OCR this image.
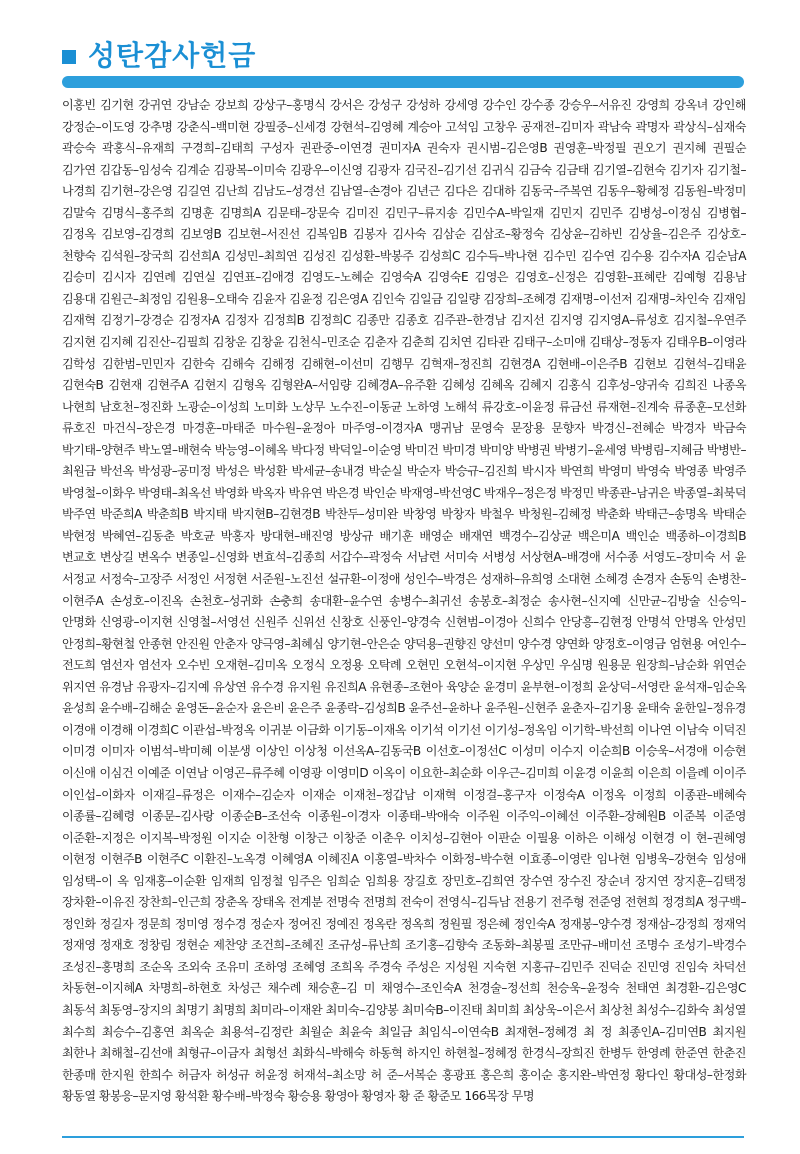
성탄감사헌금

이홍빈 김기현 강귀연 강남순 강보희 강상구–홍명식 강서은 강성구 강성하 강세영 강수인 강수종 강승우–서유진 강영희 강옥녀 강인해 강정순–이도영 강추명 강춘식–백미현 강필중–신세경 강현석–김영혜 계승아 고석임 고창우 공재전–김미자 곽남숙 곽명자 곽상식–심재숙 곽승숙 곽홍식–유재희 구경희–김태희 구성자 권관중–이연경 권미자A 권숙자 권시범–김은영B 권영훈–박정필 권오기 권지혜 권필순 김가연 김갑동–임성숙 김계순 김광복–이미숙 김광우–이신영 김광자 김국진–김기선 김귀식 김금숙 김금태 김기열–김현숙 김기자 김기철–나경희 김기현–강은영 김길연 김난희 김남도–성경선 김남열–손경아 김년근 김다은 김대하 김동국–주복연 김동우–황혜정 김동원–박정미 김말숙 김명식–홍주희 김명훈 김명희A 김문태–장문숙 김미진 김민구–류지송 김민수A–박일재 김민지 김민주 김병성–이정심 김병협–김정옥 김보영–김경희 김보영B 김보현–서진선 김복임B 김봉자 김사숙 김삼순 김삼조–황정숙 김상윤–김하빈 김상율–김은주 김상호–천향숙 김석원–장국희 김선희A 김성민–최희연 김성진 김성환–박봉주 김성희C 김수득–박나현 김수민 김수연 김수용 김수자A 김순남A 김승미 김시자 김연례 김연실 김연표–김애경 김영도–노혜순 김영숙A 김영숙E 김영은 김영호–신정은 김영환–표혜란 김예형 김용남 김용대 김원근–최정임 김원용–오태숙 김윤자 김윤정 김은영A 김인숙 김일금 김일량 김장희–조혜경 김재명–이선저 김재명–차인숙 김재임 김재혁 김정기–강경순 김정자A 김정자 김정희B 김정희C 김종만 김종호 김주관–한경남 김지선 김지영 김지영A–류성호 김지철–우연주 김지현 김지혜 김진산–김필희 김창운 김창윤 김천식–민조순 김춘자 김춘희 김치연 김타관 김태구–소미애 김태상–정동자 김태우B–이영라 김학성 김한범–민민자 김한숙 김해숙 김해정 김해현–이선미 김행무 김혁재–정진희 김현경A 김현배–이은주B 김현보 김현석–김태윤 김현숙B 김현재 김현주A 김현지 김형옥 김형완A–서임량 김혜경A–유주환 김혜성 김혜옥 김혜지 김홍식 김후성–양귀숙 김희진 나종옥 나현희 남호천–정진화 노광순–이성희 노미화 노상무 노수진–이동균 노하영 노해석 류강호–이윤정 류금선 류재현–진계숙 류종훈–모선화 류호진 마건식–장은경 마경훈–마태준 마수원–윤정아 마주영–이경자A 맹귀남 문영숙 문장용 문향자 박경신–전혜순 박경자 박금숙 박기태–양현주 박노열–배현숙 박능영–이혜옥 박다정 박덕일–이순영 박미건 박미경 박미양 박병권 박병기–윤세영 박병림–지혜금 박병반–최원금 박선옥 박성광–공미정 박성은 박성환 박세균–송내경 박순실 박순자 박승규–김진희 박시자 박연희 박영미 박영숙 박영종 박영주 박영철–이화우 박영태–최옥선 박영화 박옥자 박유연 박은경 박인순 박재영–박선영C 박재우–정은정 박정민 박종관–남귀은 박종열–최북덕 박주연 박준희A 박춘희B 박지태 박지현B–김현경B 박찬두–성미완 박창영 박창자 박철우 박청원–김혜정 박춘화 박태근–송명옥 박태순 박현정 박혜연–김동춘 박호균 박홍자 방대현–배진영 방상규 배기훈 배영순 배재연 백경수–김상균 백은미A 백인순 백종하–이경희B 변교호 변상길 변옥수 변종일–신영화 변효석–김종희 서갑수–곽정숙 서남련 서미숙 서병성 서상현A–배경애 서수종 서영도–장미숙 서 윤 서정교 서정숙–고장주 서정인 서정현 서준원–노진선 설규환–이정애 성인수–박경은 성재하–유희영 소대현 소혜경 손경자 손동익 손병찬–이현주A 손성호–이진옥 손천호–성귀화 손충희 송대환–윤수연 송병수–최귀선 송봉호–최정순 송사현–신지예 신만균–김방술 신승익–안명화 신영광–이지현 신영철–서영선 신원주 신위선 신창호 신풍인–양경숙 신현범–이경아 신희수 안당흥–김현정 안명석 안명옥 안성민 안정희–황현철 안종현 안진원 안춘자 양극영–최혜심 양기현–안은순 양덕용–권향진 양선미 양수경 양연화 양정호–이영금 엄현용 여인수–전도희 염선자 염선자 오수빈 오재현–김미옥 오정식 오정용 오탁례 오현민 오현석–이지현 우상민 우심명 원용문 원장희–남순화 위연순 위지연 유경남 유광자–김지예 유상연 유수경 유지원 유진희A 유현종–조현아 육양순 윤경미 윤부현–이정희 윤상덕–서영란 윤석재–임순옥 윤성희 윤수배–김해순 윤영돈–윤순자 윤은비 윤은주 윤종락–김성희B 윤주선–윤하나 윤주원–신현주 윤춘자–김기용 윤태숙 윤한일–정유경 이경애 이경해 이경희C 이관섭–박정옥 이귀분 이금화 이기동–이재옥 이기석 이기선 이기성–정옥임 이기학–박선희 이나연 이남숙 이덕진 이미경 이미자 이범석–박미혜 이분생 이상인 이상청 이선옥A–김동국B 이선호–이정선C 이성미 이수지 이순희B 이승욱–서경애 이승현 이신애 이심건 이예준 이연남 이영곤–류주혜 이영광 이영미D 이옥이 이요한–최순화 이우근–김미희 이윤경 이윤희 이은희 이을례 이이주 이인섭–이화자 이재길–류정은 이재수–김순자 이재순 이재천–정갑남 이재혁 이정걸–홍구자 이정숙A 이정옥 이정희 이종관–배혜숙 이종률–김혜령 이종문–김사랑 이종순B–조선숙 이종원–이경자 이종태–박애숙 이주원 이주익–이혜선 이주환–장혜원B 이준복 이준영 이준환–지정은 이지복–박정원 이지순 이찬형 이창근 이창준 이춘우 이치성–김현아 이판순 이필용 이하은 이해성 이현경 이 현–권혜영 이현정 이현주B 이현주C 이환진–노옥경 이혜영A 이혜진A 이홍열–박차수 이화정–박수현 이효종–이영란 임나현 임병욱–강현숙 임성애 임성택–이 옥 임재홍–이순환 임재희 임정철 임주은 임희순 임희용 장길호 장민호–김희연 장수연 장수진 장순녀 장지연 장지훈–김택정 장차환–이유진 장찬희–인근희 장춘옥 장태옥 전계분 전명숙 전명희 전숙이 전영식–김득남 전용기 전주형 전준영 전현희 정경희A 정구백–정인화 정길자 정문희 정미영 정수경 정순자 정여진 정예진 정옥란 정옥희 정원필 정은혜 정인숙A 정재봉–양수경 정재삼–강정희 정재억 정재영 정재호 정창림 정현순 제찬양 조건희–조혜진 조규성–류난희 조기홍–김향숙 조동화–최봉필 조만규–배미선 조명수 조성기–박경수 조성진–홍명희 조순옥 조외숙 조유미 조하영 조혜영 조희옥 주경숙 주성은 지성원 지숙현 지홍규–김민주 진덕순 진민영 진임숙 차덕선 차동현–이지혜A 차명희–하현호 차성근 채수례 채승훈–김 미 채영수–조인숙A 천경술–정선희 천승욱–윤정숙 천태연 최경환–김은영C 최동석 최동영–장지의 최명기 최명희 최미라–이재완 최미숙–김양봉 최미숙B–이진태 최미희 최상욱–이은서 최상천 최성수–김화숙 최성열 최수희 최승수–김홍연 최옥순 최용석–김정란 최월순 최윤숙 최일금 최임식–이연숙B 최재현–정혜경 최 정 최종인A–김미연B 최지원 최한나 최해철–김선애 최형규–이금자 최형선 최화식–박해숙 하동혁 하지인 하현철–정혜정 한경식–장희진 한병두 한영례 한준연 한춘진 한종매 한지원 한희수 허금자 허성규 허윤정 허재석–최소망 허 준–서복순 홍광표 홍은희 홍이순 홍지완–박연정 황다인 황대성–한정화 황동열 황봉응–문지영 황석환 황수배–박정숙 황승용 황영아 황영자 황 준 황준모 166목장 무명
